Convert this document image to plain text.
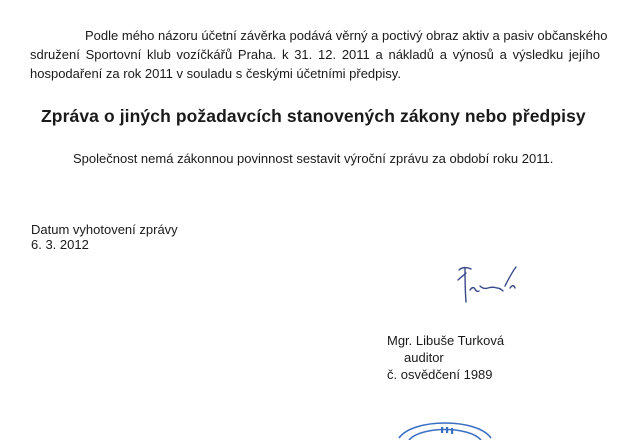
Podle mého názoru účetní závěrka podává věrný a poctivý obraz aktiv a pasiv občanského
sdružení Sportovní klub vozíčkářů Praha. k 31. 12. 2011 a nákladů a výnosů a výsledku jejího
hospodaření za rok 2011 v souladu s českými účetními předpisy.
Zpráva o jiných požadavcích stanovených zákony nebo předpisy
Společnost nemá zákonnou povinnost sestavit výroční zprávu za období roku 2011.
Datum vyhotovení zprávy
6. 3. 2012
Mgr. Libuše Turková
auditor
č. osvědčení 1989
